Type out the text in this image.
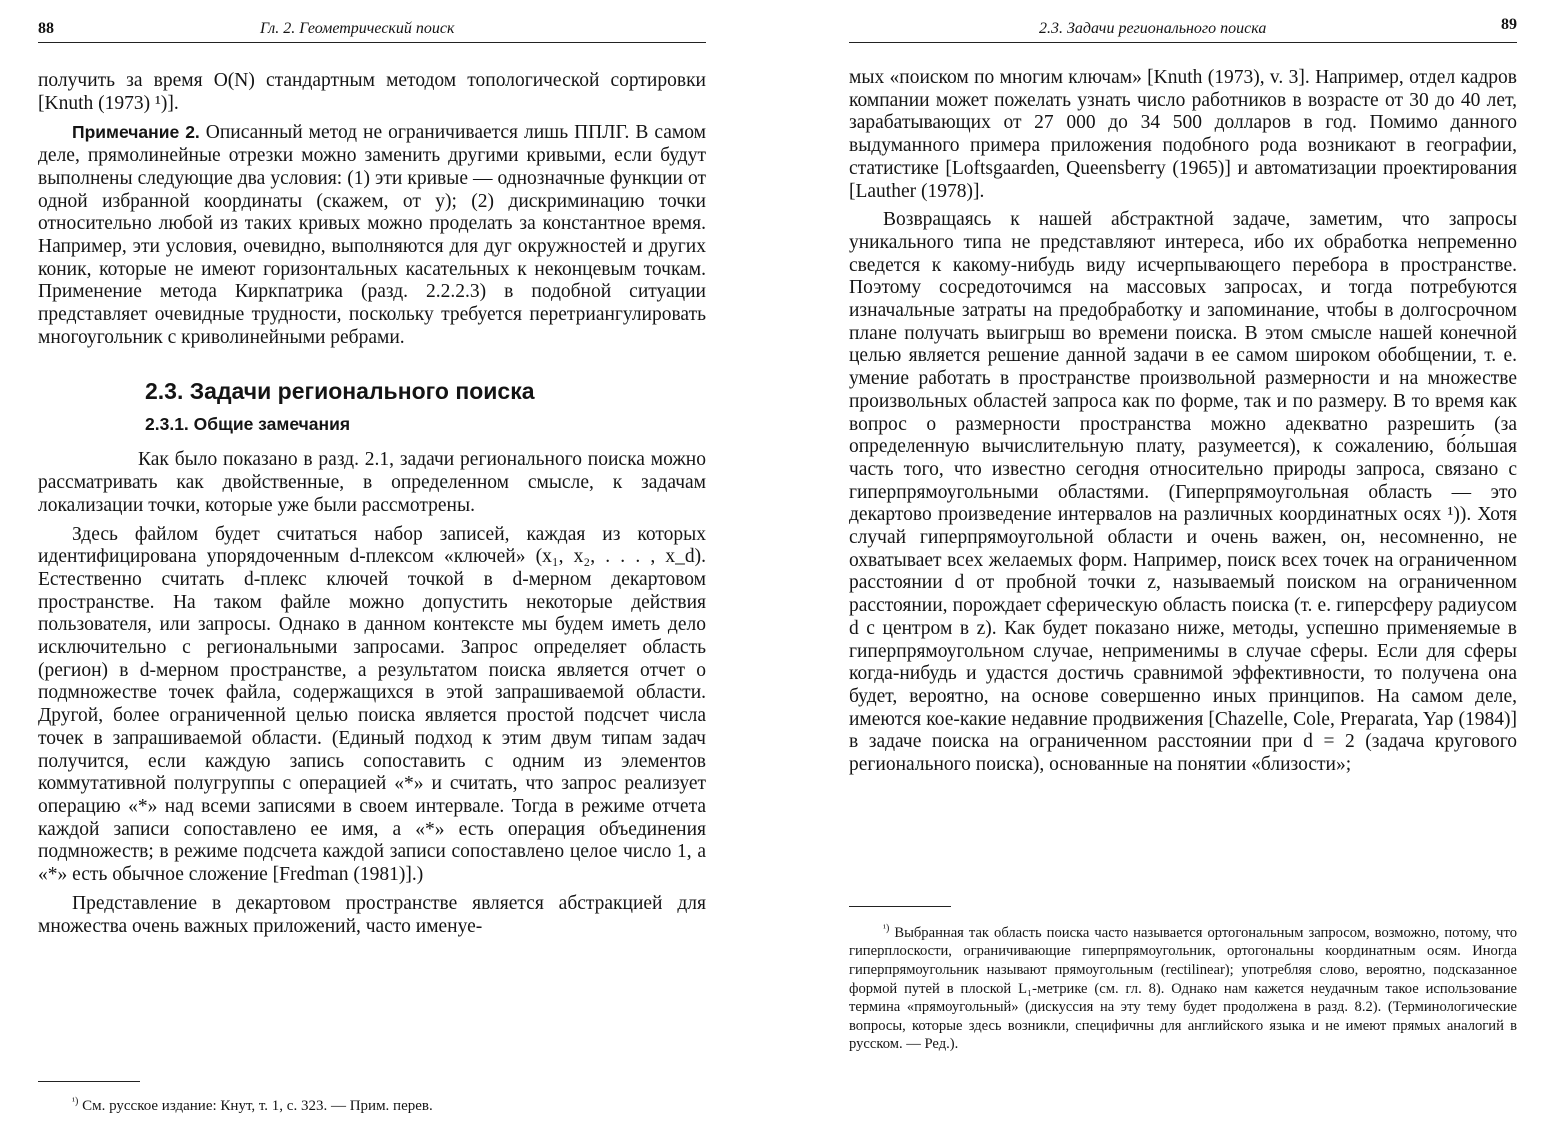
88	Гл. 2. Геометрический поиск

получить за время O(N) стандартным методом топологической сортировки [Knuth (1973) ¹)].

Примечание 2. Описанный метод не ограничивается лишь ППЛГ. В самом деле, прямолинейные отрезки можно заменить другими кривыми, если будут выполнены следующие два условия: (1) эти кривые — однозначные функции от одной избранной координаты (скажем, от y); (2) дискриминацию точки относительно любой из таких кривых можно проделать за константное время. Например, эти условия, очевидно, выполняются для дуг окружностей и других коник, которые не имеют горизонтальных касательных к неконцевым точкам. Применение метода Киркпатрика (разд. 2.2.2.3) в подобной ситуации представляет очевидные трудности, поскольку требуется перетриангулировать многоугольник с криволинейными ребрами.

2.3. Задачи регионального поиска
2.3.1. Общие замечания

Как было показано в разд. 2.1, задачи регионального поиска можно рассматривать как двойственные, в определенном смысле, к задачам локализации точки, которые уже были рассмотрены.

Здесь файлом будет считаться набор записей, каждая из которых идентифицирована упорядоченным d-плексом «ключей» (x₁, x₂, . . . , x_d). Естественно считать d-плекс ключей точкой в d-мерном декартовом пространстве. На таком файле можно допустить некоторые действия пользователя, или запросы. Однако в данном контексте мы будем иметь дело исключительно с региональными запросами. Запрос определяет область (регион) в d-мерном пространстве, а результатом поиска является отчет о подмножестве точек файла, содержащихся в этой запрашиваемой области. Другой, более ограниченной целью поиска является простой подсчет числа точек в запрашиваемой области. (Единый подход к этим двум типам задач получится, если каждую запись сопоставить с одним из элементов коммутативной полугруппы с операцией «*» и считать, что запрос реализует операцию «*» над всеми записями в своем интервале. Тогда в режиме отчета каждой записи сопоставлено ее имя, а «*» есть операция объединения подмножеств; в режиме подсчета каждой записи сопоставлено целое число 1, а «*» есть обычное сложение [Fredman (1981)].)

Представление в декартовом пространстве является абстракцией для множества очень важных приложений, часто именуе-

$^{^1)}$ См. русское издание: Кнут, т. 1, с. 323. — Прим. перев.

2.3. Задачи регионального поиска	89

мых «поиском по многим ключам» [Knuth (1973), v. 3]. Например, отдел кадров компании может пожелать узнать число работников в возрасте от 30 до 40 лет, зарабатывающих от 27 000 до 34 500 долларов в год. Помимо данного выдуманного примера приложения подобного рода возникают в географии, статистике [Loftsgaarden, Queensberry (1965)] и автоматизации проектирования [Lauther (1978)].

Возвращаясь к нашей абстрактной задаче, заметим, что запросы уникального типа не представляют интереса, ибо их обработка непременно сведется к какому-нибудь виду исчерпывающего перебора в пространстве. Поэтому сосредоточимся на массовых запросах, и тогда потребуются изначальные затраты на предобработку и запоминание, чтобы в долгосрочном плане получать выигрыш во времени поиска. В этом смысле нашей конечной целью является решение данной задачи в ее самом широком обобщении, т. е. умение работать в пространстве произвольной размерности и на множестве произвольных областей запроса как по форме, так и по размеру. В то время как вопрос о размерности пространства можно адекватно разрешить (за определенную вычислительную плату, разумеется), к сожалению, бо́льшая часть того, что известно сегодня относительно природы запроса, связано с гиперпрямоугольными областями. (Гиперпрямоугольная область — это декартово произведение интервалов на различных координатных осях ¹)). Хотя случай гиперпрямоугольной области и очень важен, он, несомненно, не охватывает всех желаемых форм. Например, поиск всех точек на ограниченном расстоянии d от пробной точки z, называемый поиском на ограниченном расстоянии, порождает сферическую область поиска (т. е. гиперсферу радиусом d с центром в z). Как будет показано ниже, методы, успешно применяемые в гиперпрямоугольном случае, неприменимы в случае сферы. Если для сферы когда-нибудь и удастся достичь сравнимой эффективности, то получена она будет, вероятно, на основе совершенно иных принципов. На самом деле, имеются кое-какие недавние продвижения [Chazelle, Cole, Preparata, Yap (1984)] в задаче поиска на ограниченном расстоянии при d = 2 (задача кругового регионального поиска), основанные на понятии «близости»;

$^{^1)}$ Выбранная так область поиска часто называется ортогональным запросом, возможно, потому, что гиперплоскости, ограничивающие гиперпрямоугольник, ортогональны координатным осям. Иногда гиперпрямоугольник называют прямоугольным (rectilinear); употребляя слово, вероятно, подсказанное формой путей в плоской L₁-метрике (см. гл. 8). Однако нам кажется неудачным такое использование термина «прямоугольный» (дискуссия на эту тему будет продолжена в разд. 8.2). (Терминологические вопросы, которые здесь возникли, специфичны для английского языка и не имеют прямых аналогий в русском. — Ред.).
